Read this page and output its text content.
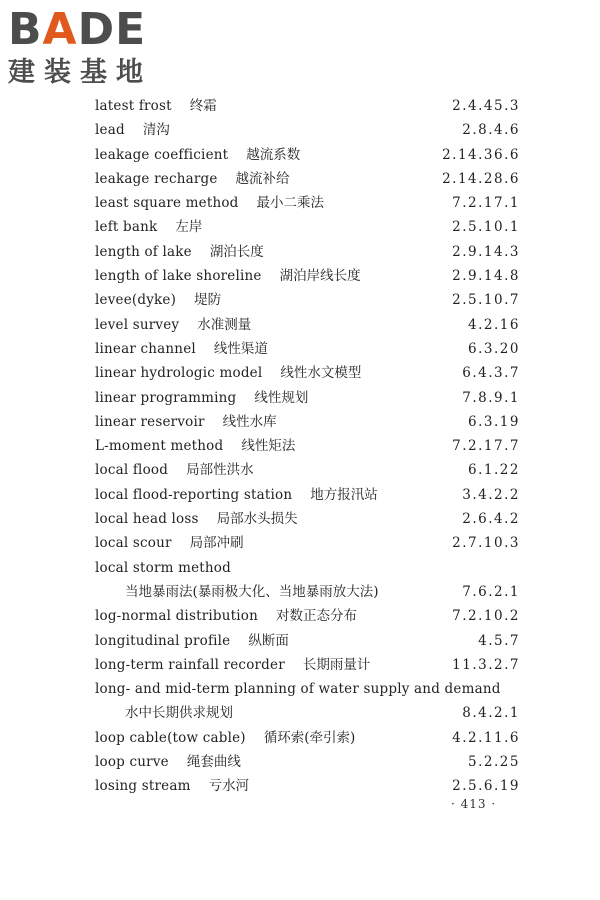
BADE
建装基地
latest frost 终霜	2.4.45.3
lead 清沟	2.8.4.6
leakage coefficient 越流系数	2.14.36.6
leakage recharge 越流补给	2.14.28.6
least square method 最小二乘法	7.2.17.1
left bank 左岸	2.5.10.1
length of lake 湖泊长度	2.9.14.3
length of lake shoreline 湖泊岸线长度	2.9.14.8
levee(dyke) 堤防	2.5.10.7
level survey 水准测量	4.2.16
linear channel 线性渠道	6.3.20
linear hydrologic model 线性水文模型	6.4.3.7
linear programming 线性规划	7.8.9.1
linear reservoir 线性水库	6.3.19
L-moment method 线性矩法	7.2.17.7
local flood 局部性洪水	6.1.22
local flood-reporting station 地方报汛站	3.4.2.2
local head loss 局部水头损失	2.6.4.2
local scour 局部冲刷	2.7.10.3
local storm method
当地暴雨法(暴雨极大化、当地暴雨放大法)	7.6.2.1
log-normal distribution 对数正态分布	7.2.10.2
longitudinal profile 纵断面	4.5.7
long-term rainfall recorder 长期雨量计	11.3.2.7
long- and mid-term planning of water supply and demand
水中长期供求规划	8.4.2.1
loop cable(tow cable) 循环索(牵引索)	4.2.11.6
loop curve 绳套曲线	5.2.25
losing stream 亏水河	2.5.6.19
· 413 ·
